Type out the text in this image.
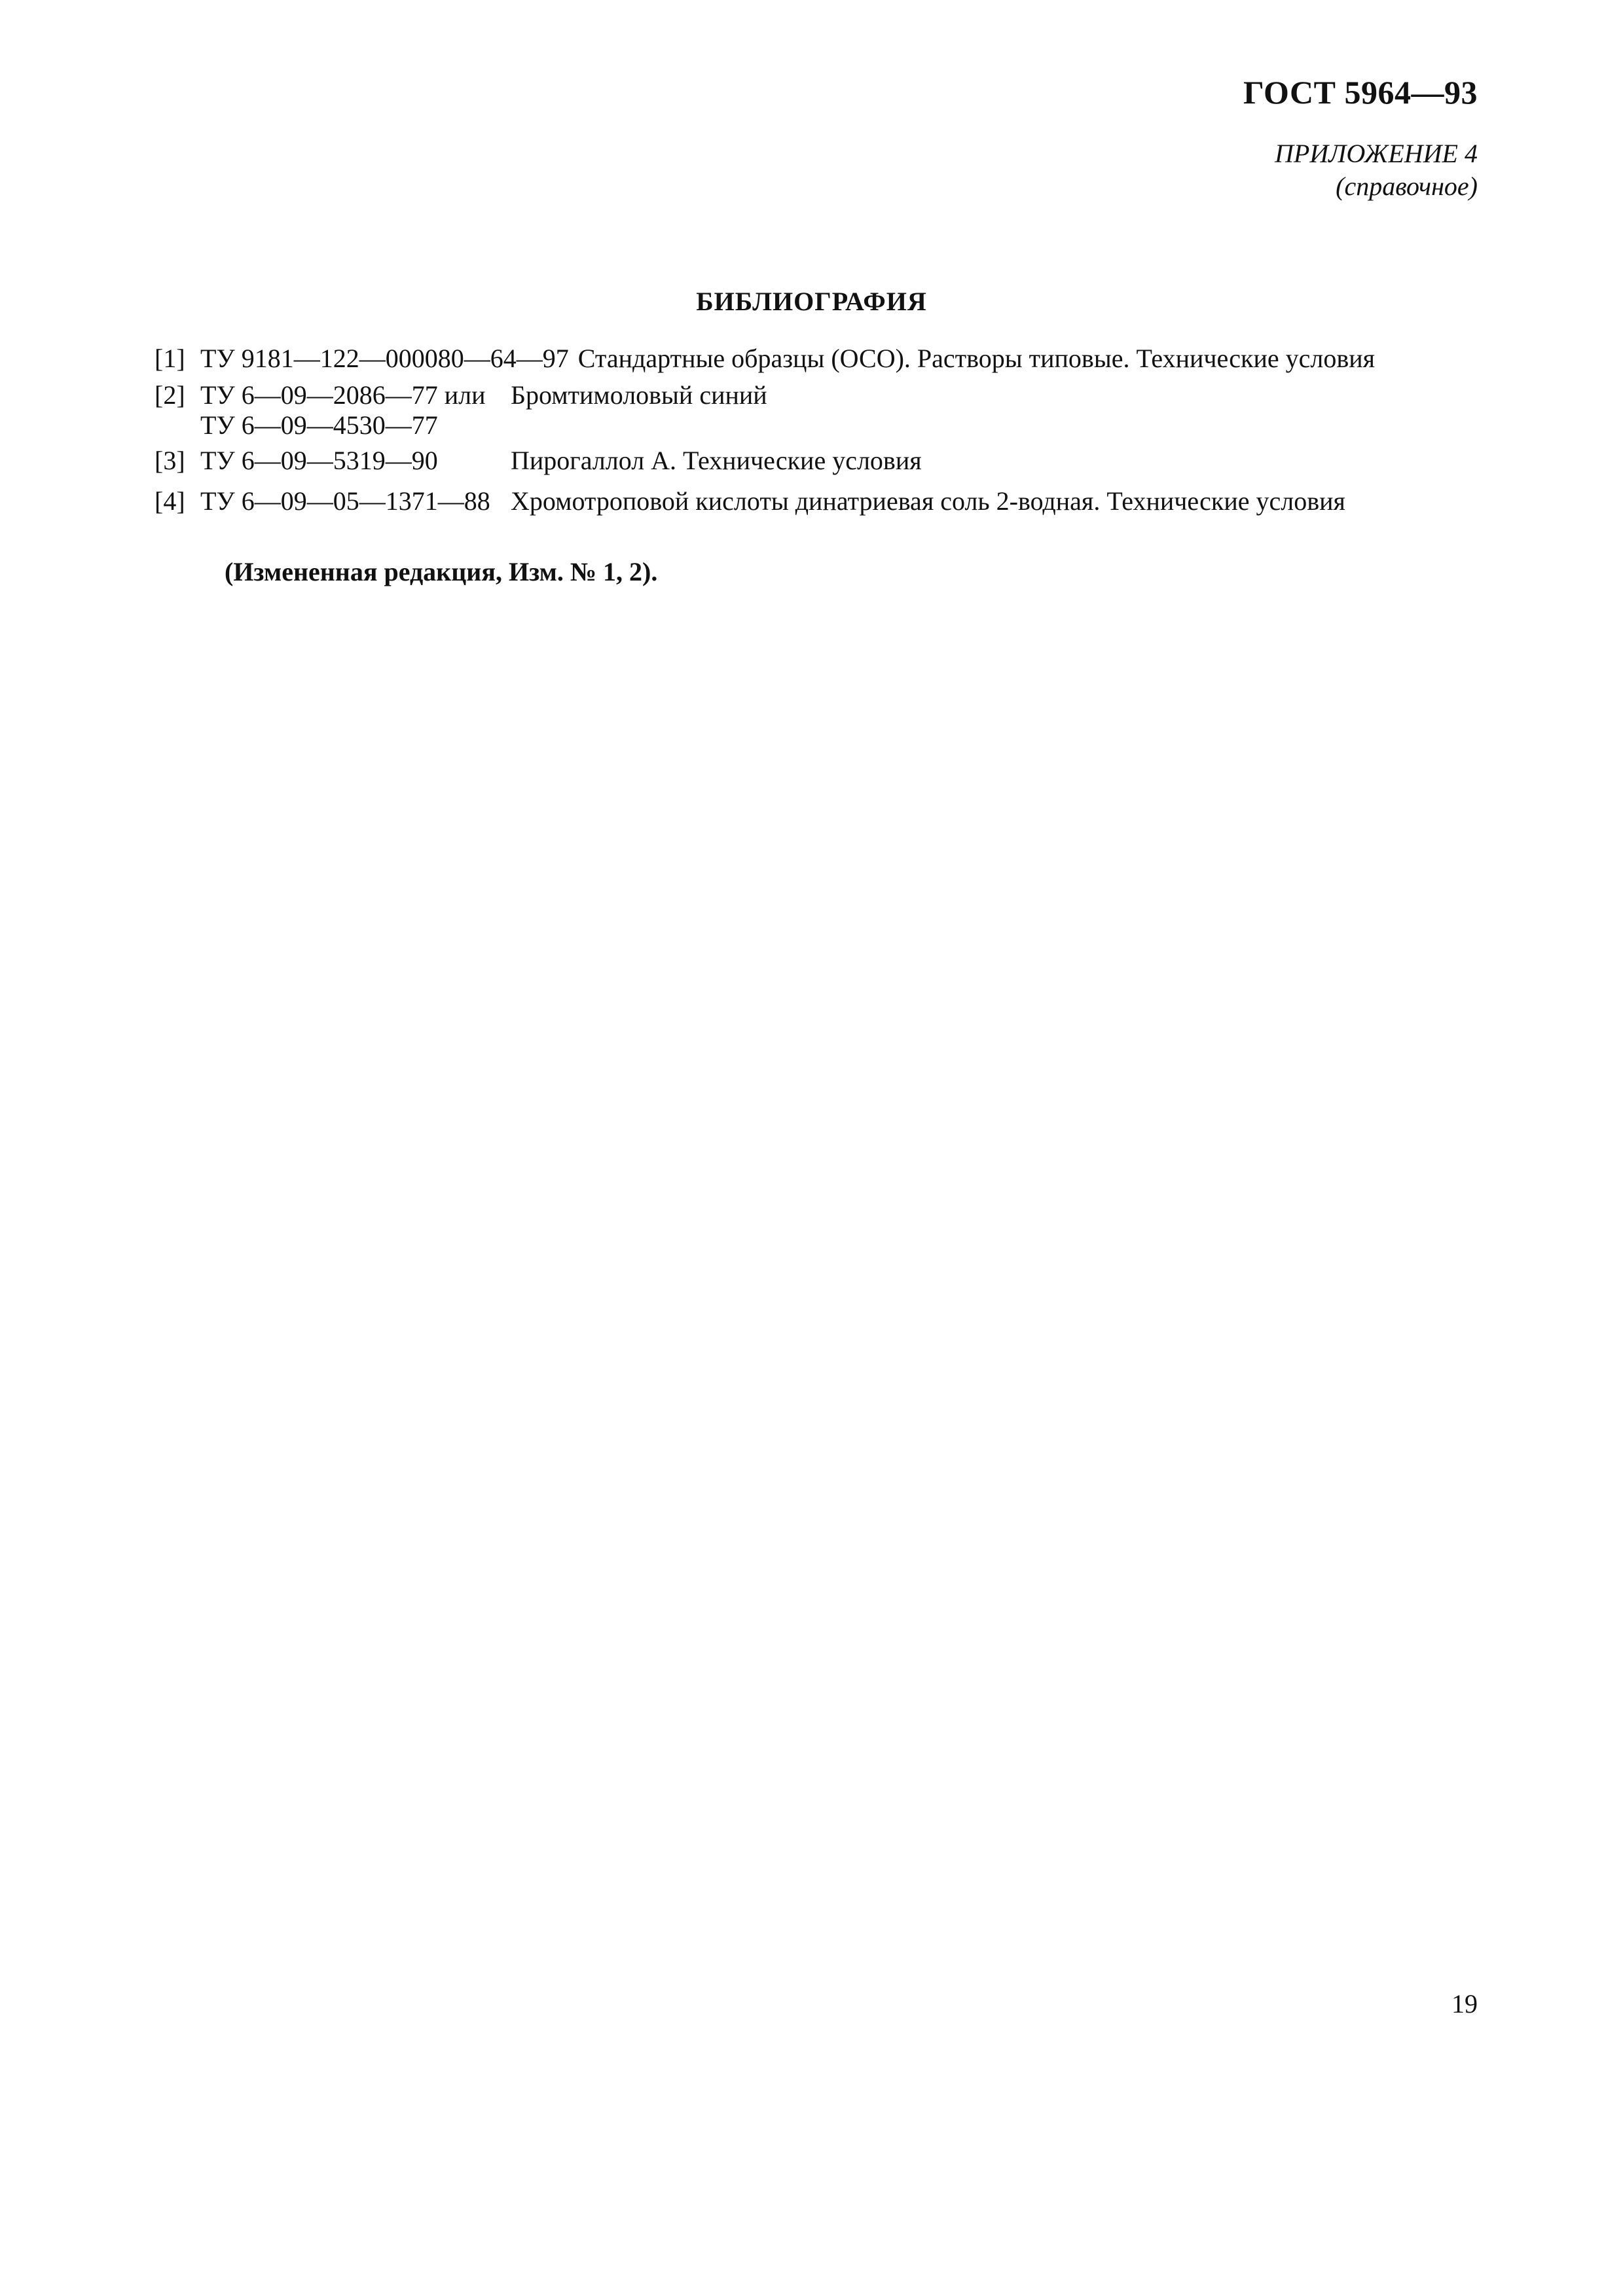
ГОСТ 5964—93
ПРИЛОЖЕНИЕ 4
(справочное)
БИБЛИОГРАФИЯ
[1] ТУ 9181—122—000080—64—97 Стандартные образцы (ОСО). Растворы типовые. Технические условия
[2] ТУ 6—09—2086—77 или
ТУ 6—09—4530—77
Бромтимоловый синий
[3] ТУ 6—09—5319—90	Пирогаллол А. Технические условия
[4] ТУ 6—09—05—1371—88 Хромотроповой кислоты динатриевая соль 2-водная. Технические условия
(Измененная редакция, Изм. № 1, 2).
19
